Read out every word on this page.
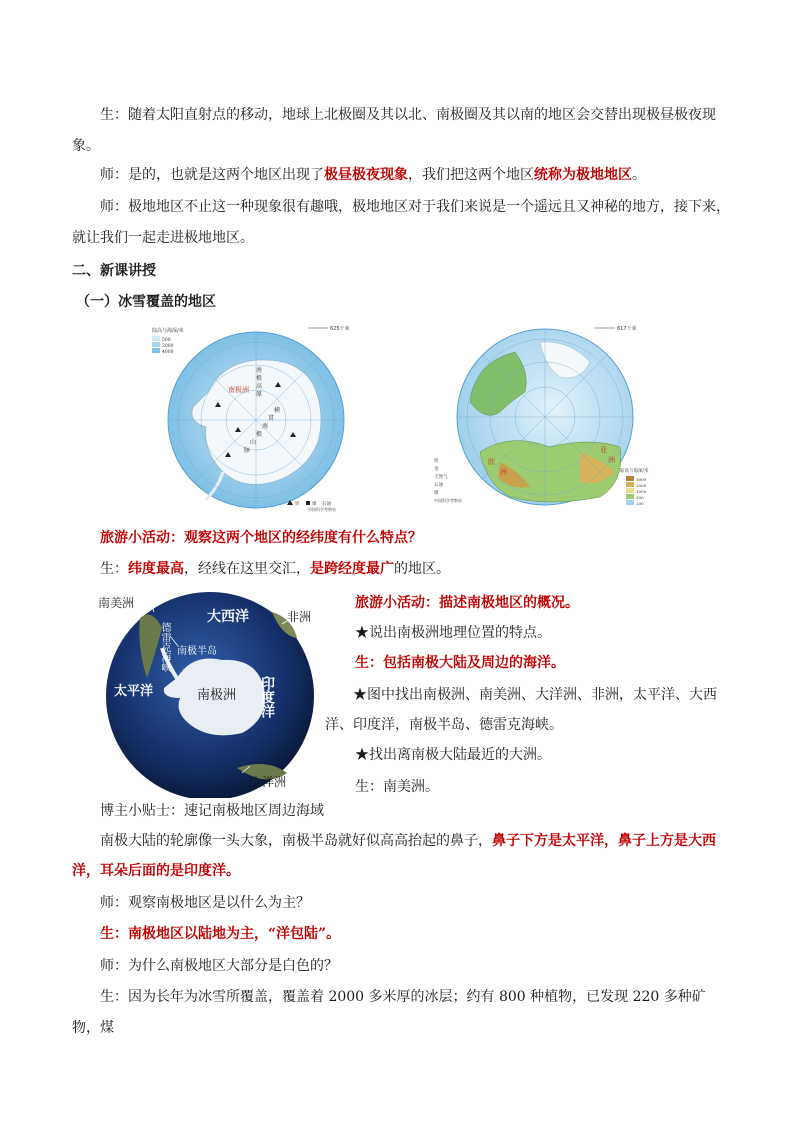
生：随着太阳直射点的移动，地球上北极圈及其以北、南极圈及其以南的地区会交替出现极昼极夜现象。

师：是的，也就是这两个地区出现了极昼极夜现象，我们把这两个地区统称为极地地区。

师：极地地区不止这一种现象很有趣哦，极地地区对于我们来说是一个遥远且又神秘的地方，接下来，就让我们一起走进极地地区。

二、新课讲授

（一）冰雪覆盖的地区

南极洲
南
极
高
原
横
贯
南
极
山
脉
陆高与海深/米
500
2000
4000
625千米
铁	煤 石油
中国科学考察站
欧
洲
亚
洲
617千米
铁
金
天然气
石油
煤
中国科学考察站
陆高与海深/米
3000
2000
1000
500
200

旅游小活动：观察这两个地区的经纬度有什么特点？

生：纬度最高，经线在这里交汇，是跨经度最广的地区。

南美洲
大西洋	非洲
德雷克海峡 南极半岛
太平洋	南极洲 印度洋
大洋洲

旅游小活动：描述南极地区的概况。

★说出南极洲地理位置的特点。

生：包括南极大陆及周边的海洋。

★图中找出南极洲、南美洲、大洋洲、非洲，太平洋、大西洋、印度洋，南极半岛、德雷克海峡。

★找出离南极大陆最近的大洲。

生：南美洲。

博主小贴士：速记南极地区周边海域

南极大陆的轮廓像一头大象，南极半岛就好似高高抬起的鼻子，鼻子下方是太平洋，鼻子上方是大西洋，耳朵后面的是印度洋。

师：观察南极地区是以什么为主？

生：南极地区以陆地为主，“洋包陆”。

师：为什么南极地区大部分是白色的？

生：因为长年为冰雪所覆盖，覆盖着 2000 多米厚的冰层；约有 800 种植物，已发现 220 多种矿物，煤
